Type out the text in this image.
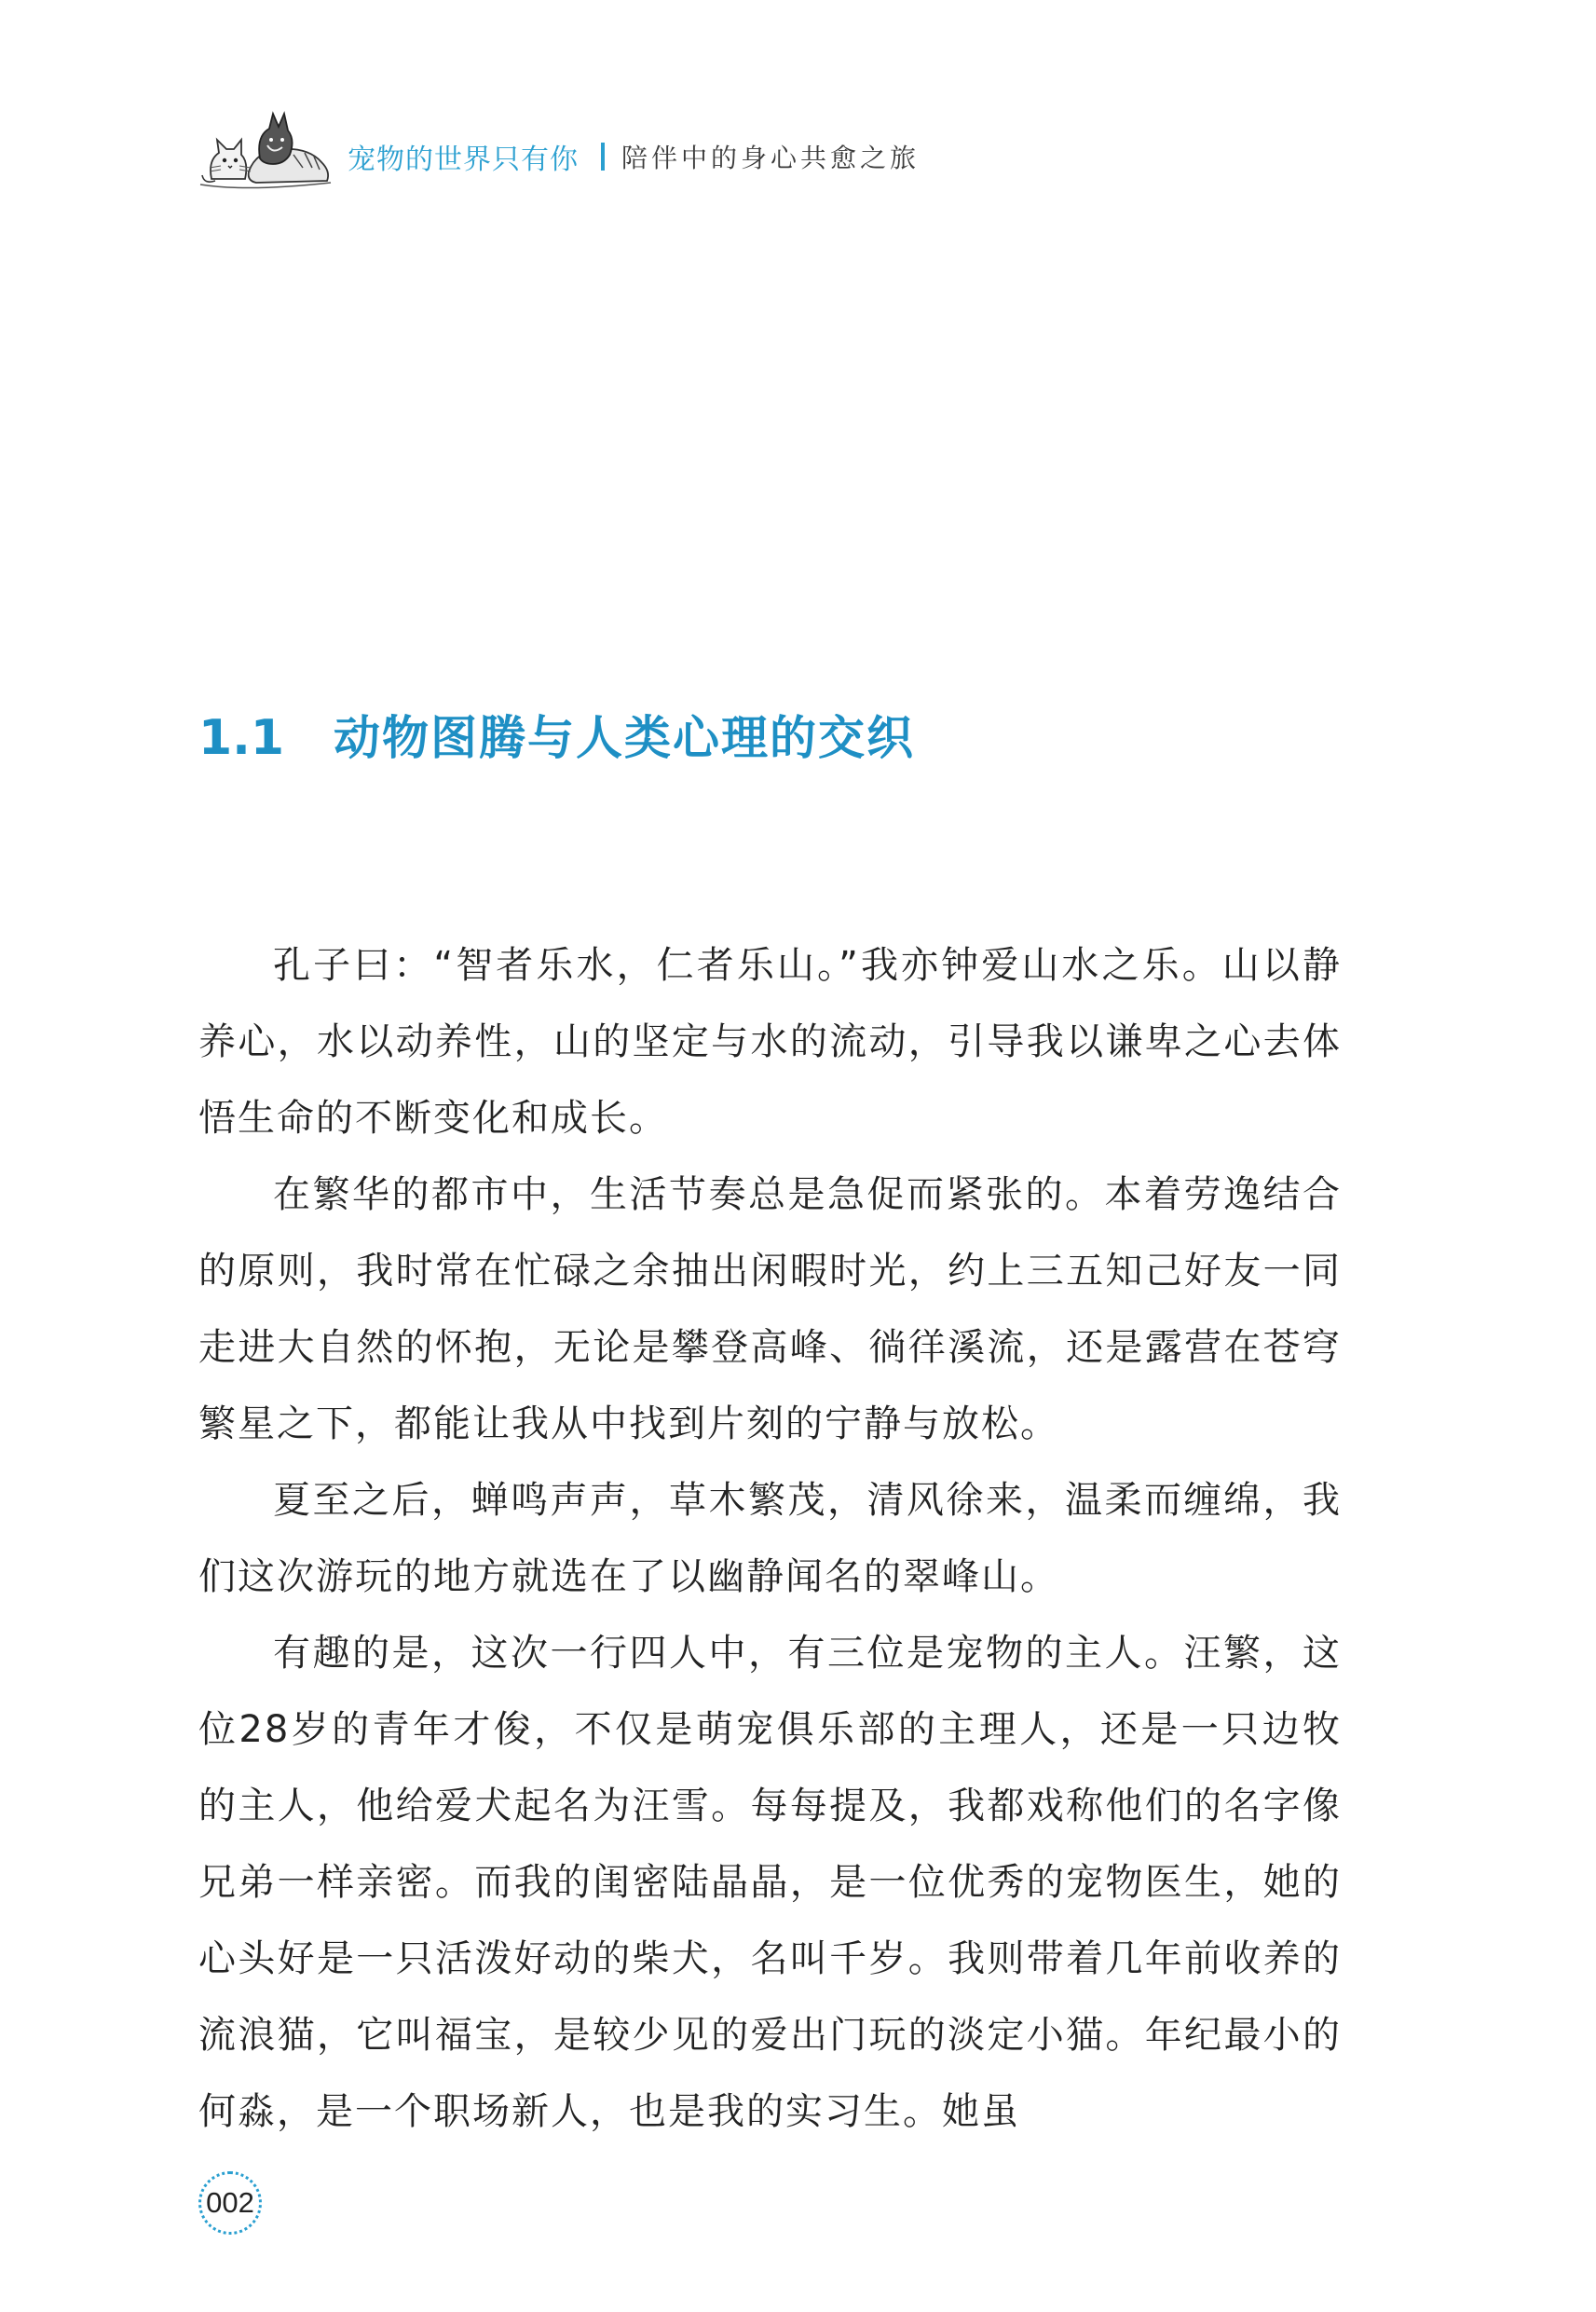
宠物的世界只有你 陪伴中的身心共愈之旅
1.1	动物图腾与人类心理的交织

孔子曰：“智者乐水，仁者乐山。”我亦钟爱山水之乐。山以静养心，水以动养性，山的坚定与水的流动，引导我以谦卑之心去体悟生命的不断变化和成长。

在繁华的都市中，生活节奏总是急促而紧张的。本着劳逸结合的原则，我时常在忙碌之余抽出闲暇时光，约上三五知己好友一同走进大自然的怀抱，无论是攀登高峰、徜徉溪流，还是露营在苍穹繁星之下，都能让我从中找到片刻的宁静与放松。

夏至之后，蝉鸣声声，草木繁茂，清风徐来，温柔而缠绵，我们这次游玩的地方就选在了以幽静闻名的翠峰山。

有趣的是，这次一行四人中，有三位是宠物的主人。汪繁，这位28岁的青年才俊，不仅是萌宠俱乐部的主理人，还是一只边牧的主人，他给爱犬起名为汪雪。每每提及，我都戏称他们的名字像兄弟一样亲密。而我的闺密陆晶晶，是一位优秀的宠物医生，她的心头好是一只活泼好动的柴犬，名叫千岁。我则带着几年前收养的流浪猫，它叫福宝，是较少见的爱出门玩的淡定小猫。年纪最小的何淼，是一个职场新人，也是我的实习生。她虽

002
